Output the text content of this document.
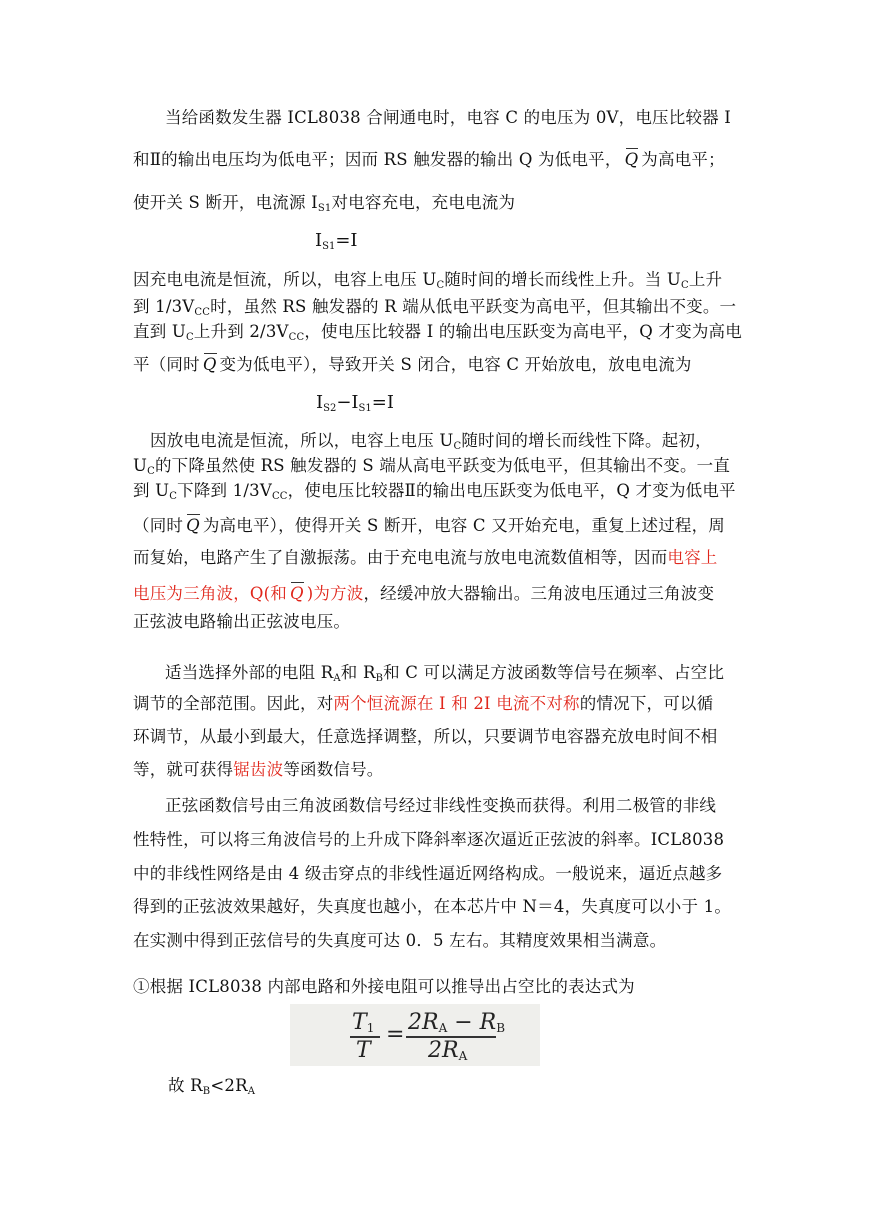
当给函数发生器 ICL8038 合闸通电时，电容 C 的电压为 0V，电压比较器 I
和Ⅱ的输出电压均为低电平；因而 RS 触发器的输出 Q 为低电平， Q 为高电平；
使开关 S 断开，电流源 $I_{S1}$对电容充电，充电电流为
$I_{S1}=I$
因充电电流是恒流，所以，电容上电压 $U_C$随时间的增长而线性上升。当 $U_C$上升
到 $1/3V_{CC}$时，虽然 RS 触发器的 R 端从低电平跃变为高电平，但其输出不变。一
直到 $U_C$上升到 $2/3V_{CC}$，使电压比较器 I 的输出电压跃变为高电平，Q 才变为高电
平（同时 Q 变为低电平），导致开关 S 闭合，电容 C 开始放电，放电电流为
$I_{S2}-I_{S1}=I$
因放电电流是恒流，所以，电容上电压 $U_C$随时间的增长而线性下降。起初，
$U_C$的下降虽然使 RS 触发器的 S 端从高电平跃变为低电平，但其输出不变。一直
到 $U_C$下降到 $1/3V_{CC}$，使电压比较器Ⅱ的输出电压跃变为低电平，Q 才变为低电平
（同时 Q 为高电平），使得开关 S 断开，电容 C 又开始充电，重复上述过程，周
而复始，电路产生了自激振荡。由于充电电流与放电电流数值相等，因而电容上
电压为三角波，Q(和 Q )为方波，经缓冲放大器输出。三角波电压通过三角波变
正弦波电路输出正弦波电压。
适当选择外部的电阻 $R_A$和 $R_B$和 C 可以满足方波函数等信号在频率、占空比
调节的全部范围。因此，对两个恒流源在 I 和 2I 电流不对称的情况下，可以循
环调节，从最小到最大，任意选择调整，所以，只要调节电容器充放电时间不相
等，就可获得锯齿波等函数信号。
正弦函数信号由三角波函数信号经过非线性变换而获得。利用二极管的非线
性特性，可以将三角波信号的上升成下降斜率逐次逼近正弦波的斜率。ICL8038
中的非线性网络是由 4 级击穿点的非线性逼近网络构成。一般说来，逼近点越多
得到的正弦波效果越好，失真度也越小，在本芯片中 N＝4，失真度可以小于 1。
在实测中得到正弦信号的失真度可达 0．5 左右。其精度效果相当满意。
①根据 ICL8038 内部电路和外接电阻可以推导出占空比的表达式为
$T_1$
T
= $2R_A - R_B$
$2R_A$
故 $R_B<2R_A$
